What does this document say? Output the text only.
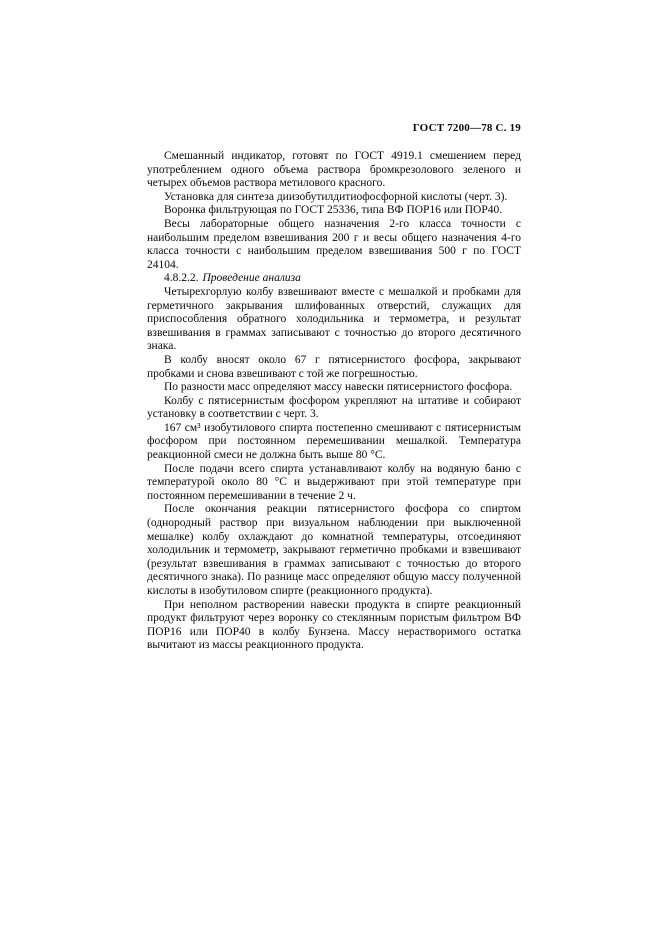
ГОСТ 7200—78 С. 19

Смешанный индикатор, готовят по ГОСТ 4919.1 смешением перед употреблением одного объема раствора бромкрезолового зеленого и четырех объемов раствора метилового красного.

Установка для синтеза диизобутилдитиофосфорной кислоты (черт. 3).

Воронка фильтрующая по ГОСТ 25336, типа ВФ ПОР16 или ПОР40.

Весы лабораторные общего назначения 2-го класса точности с наибольшим пределом взвешивания 200 г и весы общего назначения 4-го класса точности с наибольшим пределом взвешивания 500 г по ГОСТ 24104.

4.8.2.2. Проведение анализа

Четырехгорлую колбу взвешивают вместе с мешалкой и пробками для герметичного закрывания шлифованных отверстий, служащих для приспособления обратного холодильника и термометра, и результат взвешивания в граммах записывают с точностью до второго десятичного знака.

В колбу вносят около 67 г пятисернистого фосфора, закрывают пробками и снова взвешивают с той же погрешностью.

По разности масс определяют массу навески пятисернистого фосфора.

Колбу с пятисернистым фосфором укрепляют на штативе и собирают установку в соответствии с черт. 3.

167 см³ изобутилового спирта постепенно смешивают с пятисернистым фосфором при постоянном перемешивании мешалкой. Температура реакционной смеси не должна быть выше 80 °С.

После подачи всего спирта устанавливают колбу на водяную баню с температурой около 80 °С и выдерживают при этой температуре при постоянном перемешивании в течение 2 ч.

После окончания реакции пятисернистого фосфора со спиртом (однородный раствор при визуальном наблюдении при выключенной мешалке) колбу охлаждают до комнатной температуры, отсоединяют холодильник и термометр, закрывают герметично пробками и взвешивают (результат взвешивания в граммах записывают с точностью до второго десятичного знака). По разнице масс определяют общую массу полученной кислоты в изобутиловом спирте (реакционного продукта).

При неполном растворении навески продукта в спирте реакционный продукт фильтруют через воронку со стеклянным пористым фильтром ВФ ПОР16 или ПОР40 в колбу Бунзена. Массу нерастворимого остатка вычитают из массы реакционного продукта.
